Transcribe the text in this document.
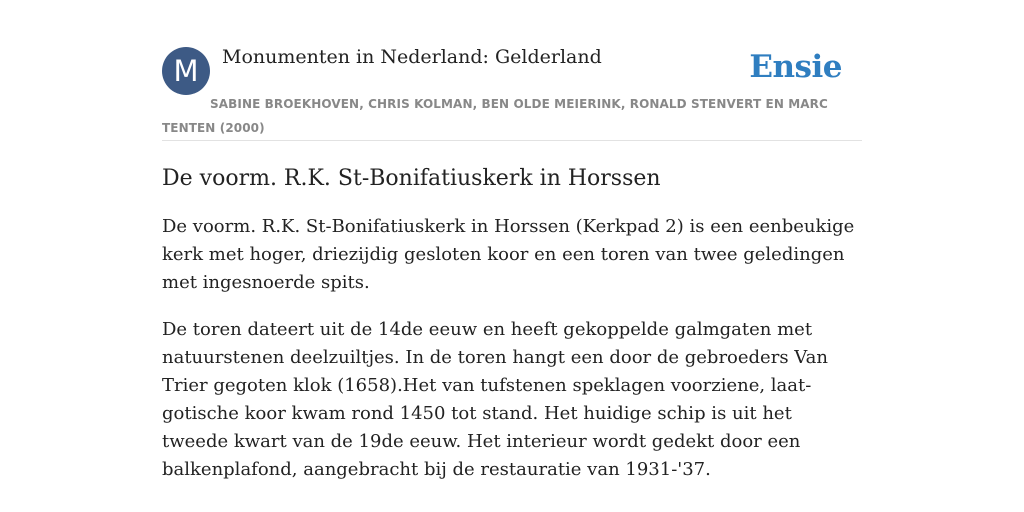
M	Monumenten in Nederland: Gelderland	Ensie
SABINE BROEKHOVEN, CHRIS KOLMAN, BEN OLDE MEIERINK, RONALD STENVERT EN MARC TENTEN (2000)
De voorm. R.K. St-Bonifatiuskerk in Horssen

De voorm. R.K. St-Bonifatiuskerk in Horssen (Kerkpad 2) is een eenbeukige kerk met hoger, driezijdig gesloten koor en een toren van twee geledingen met ingesnoerde spits.

De toren dateert uit de 14de eeuw en heeft gekoppelde galmgaten met natuurstenen deelzuiltjes. In de toren hangt een door de gebroeders Van Trier gegoten klok (1658).Het van tufstenen speklagen voorziene, laat-gotische koor kwam rond 1450 tot stand. Het huidige schip is uit het tweede kwart van de 19de eeuw. Het interieur wordt gedekt door een balkenplafond, aangebracht bij de restauratie van 1931-'37.
